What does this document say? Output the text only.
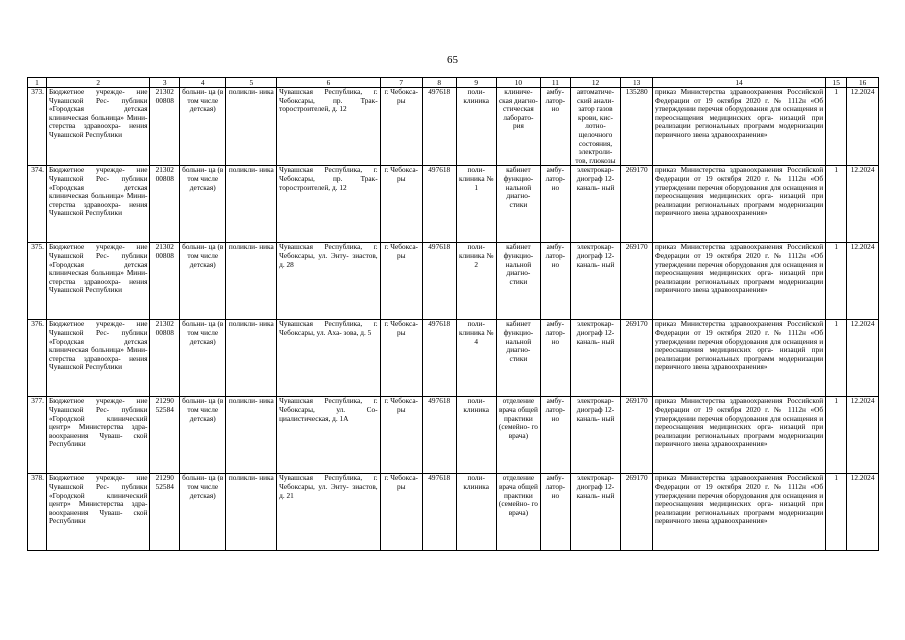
65
1	2	3	4	5	6	7	8	9	10	11	12	13	14	15	16
373.	Бюджетное учрежде- ние Чувашской Рес- публики «Городская детская клиническая больница» Мини- стерства здравоохра- нения Чувашской Республики	21302 00808	больни- ца (в том числе детская)	поликли- ника	Чувашская Республика, г. Чебоксары, пр. Трак- торостроителей, д. 12	г. Чебокса- ры	497618	поли- клиника	клиниче- ская диагно- стическая лаборато- рия	амбу- латор- но	автоматиче- ский анали- затор газов крови, кис- лотно- щелочного состояния, электроли- тов, глюкозы	135280	приказ Министерства здравоохранения Российской Федерации от 19 октября 2020 г. № 1112н «Об утверждении перечня оборудования для оснащения и переоснащения медицинских орга- низаций при реализации региональных программ модернизации первичного звена здравоохранения»	1	12.2024
374.	Бюджетное учрежде- ние Чувашской Рес- публики «Городская детская клиническая больница» Мини- стерства здравоохра- нения Чувашской Республики	21302 00808	больни- ца (в том числе детская)	поликли- ника	Чувашская Республика, г. Чебоксары, пр. Трак- торостроителей, д. 12	г. Чебокса- ры	497618	поли- клиника № 1	кабинет функцио- нальной диагно- стики	амбу- латор- но	электрокар- диограф 12-каналь- ный	269170	приказ Министерства здравоохранения Российской Федерации от 19 октября 2020 г. № 1112н «Об утверждении перечня оборудования для оснащения и переоснащения медицинских орга- низаций при реализации региональных программ модернизации первичного звена здравоохранения»	1	12.2024
375.	Бюджетное учрежде- ние Чувашской Рес- публики «Городская детская клиническая больница» Мини- стерства здравоохра- нения Чувашской Республики	21302 00808	больни- ца (в том числе детская)	поликли- ника	Чувашская Республика, г. Чебоксары, ул. Энту- зиастов, д. 28	г. Чебокса- ры	497618	поли- клиника № 2	кабинет функцио- нальной диагно- стики	амбу- латор- но	электрокар- диограф 12-каналь- ный	269170	приказ Министерства здравоохранения Российской Федерации от 19 октября 2020 г. № 1112н «Об утверждении перечня оборудования для оснащения и переоснащения медицинских орга- низаций при реализации региональных программ модернизации первичного звена здравоохранения»	1	12.2024
376.	Бюджетное учрежде- ние Чувашской Рес- публики «Городская детская клиническая больница» Мини- стерства здравоохра- нения Чувашской Республики	21302 00808	больни- ца (в том числе детская)	поликли- ника	Чувашская Республика, г. Чебоксары, ул. Аха- зова, д. 5	г. Чебокса- ры	497618	поли- клиника № 4	кабинет функцио- нальной диагно- стики	амбу- латор- но	электрокар- диограф 12-каналь- ный	269170	приказ Министерства здравоохранения Российской Федерации от 19 октября 2020 г. № 1112н «Об утверждении перечня оборудования для оснащения и переоснащения медицинских орга- низаций при реализации региональных программ модернизации первичного звена здравоохранения»	1	12.2024
377.	Бюджетное учрежде- ние Чувашской Рес- публики «Городской клинический центр» Министерства здра- воохранения Чуваш- ской Республики	21290 52584	больни- ца (в том числе детская)	поликли- ника	Чувашская Республика, г. Чебоксары, ул. Со- циалистическая, д. 1А	г. Чебокса- ры	497618	поли- клиника	отделение врача общей практики (семейно- го врача)	амбу- латор- но	электрокар- диограф 12-каналь- ный	269170	приказ Министерства здравоохранения Российской Федерации от 19 октября 2020 г. № 1112н «Об утверждении перечня оборудования для оснащения и переоснащения медицинских орга- низаций при реализации региональных программ модернизации первичного звена здравоохранения»	1	12.2024
378.	Бюджетное учрежде- ние Чувашской Рес- публики «Городской клинический центр» Министерства здра- воохранения Чуваш- ской Республики	21290 52584	больни- ца (в том числе детская)	поликли- ника	Чувашская Республика, г. Чебоксары, ул. Энту- зиастов, д. 21	г. Чебокса- ры	497618	поли- клиника	отделение врача общей практики (семейно- го врача)	амбу- латор- но	электрокар- диограф 12-каналь- ный	269170	приказ Министерства здравоохранения Российской Федерации от 19 октября 2020 г. № 1112н «Об утверждении перечня оборудования для оснащения и переоснащения медицинских орга- низаций при реализации региональных программ модернизации первичного звена здравоохранения»	1	12.2024
